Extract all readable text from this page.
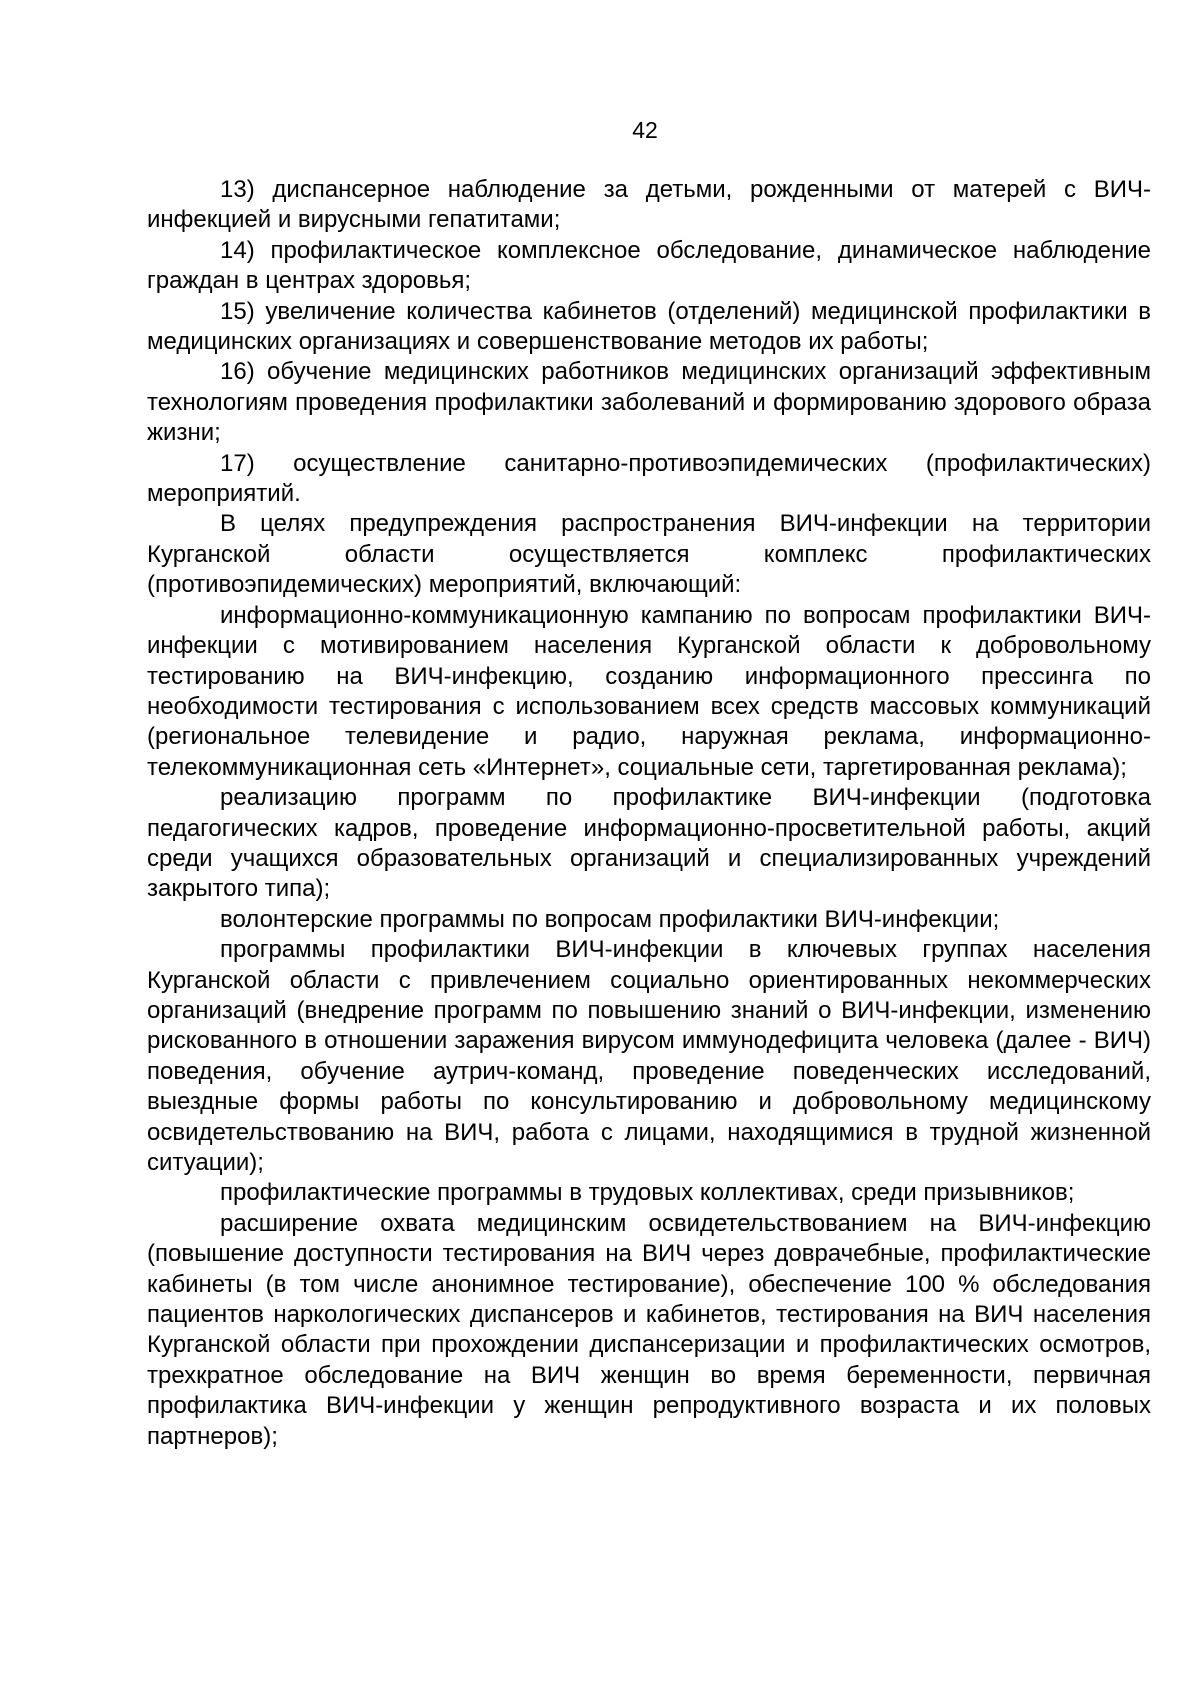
42

13) диспансерное наблюдение за детьми, рожденными от матерей с ВИЧ-инфекцией и вирусными гепатитами;

14) профилактическое комплексное обследование, динамическое наблюдение граждан в центрах здоровья;

15) увеличение количества кабинетов (отделений) медицинской профилактики в медицинских организациях и совершенствование методов их работы;

16) обучение медицинских работников медицинских организаций эффективным технологиям проведения профилактики заболеваний и формированию здорового образа жизни;

17) осуществление санитарно-противоэпидемических (профилактических) мероприятий.

В целях предупреждения распространения ВИЧ-инфекции на территории Курганской области осуществляется комплекс профилактических (противоэпидемических) мероприятий, включающий:

информационно-коммуникационную кампанию по вопросам профилактики ВИЧ-инфекции с мотивированием населения Курганской области к добровольному тестированию на ВИЧ-инфекцию, созданию информационного прессинга по необходимости тестирования с использованием всех средств массовых коммуникаций (региональное телевидение и радио, наружная реклама, информационно-телекоммуникационная сеть «Интернет», социальные сети, таргетированная реклама);

реализацию программ по профилактике ВИЧ-инфекции (подготовка педагогических кадров, проведение информационно-просветительной работы, акций среди учащихся образовательных организаций и специализированных учреждений закрытого типа);

волонтерские программы по вопросам профилактики ВИЧ-инфекции;

программы профилактики ВИЧ-инфекции в ключевых группах населения Курганской области с привлечением социально ориентированных некоммерческих организаций (внедрение программ по повышению знаний о ВИЧ-инфекции, изменению рискованного в отношении заражения вирусом иммунодефицита человека (далее - ВИЧ) поведения, обучение аутрич-команд, проведение поведенческих исследований, выездные формы работы по консультированию и добровольному медицинскому освидетельствованию на ВИЧ, работа с лицами, находящимися в трудной жизненной ситуации);

профилактические программы в трудовых коллективах, среди призывников;

расширение охвата медицинским освидетельствованием на ВИЧ-инфекцию (повышение доступности тестирования на ВИЧ через доврачебные, профилактические кабинеты (в том числе анонимное тестирование), обеспечение 100 % обследования пациентов наркологических диспансеров и кабинетов, тестирования на ВИЧ населения Курганской области при прохождении диспансеризации и профилактических осмотров, трехкратное обследование на ВИЧ женщин во время беременности, первичная профилактика ВИЧ-инфекции у женщин репродуктивного возраста и их половых партнеров);
